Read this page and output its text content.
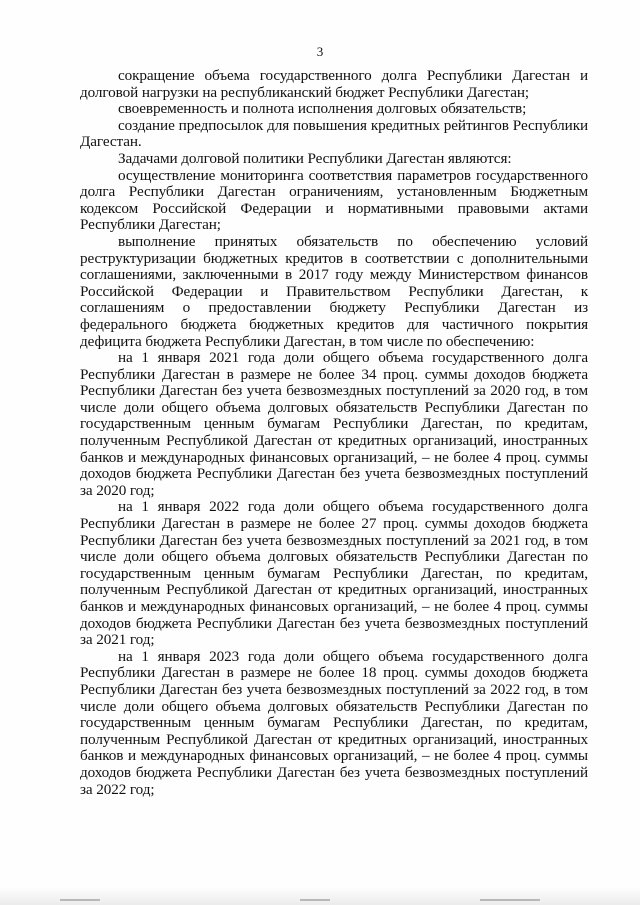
3

сокращение объема государственного долга Республики Дагестан и долговой нагрузки на республиканский бюджет Республики Дагестан;

своевременность и полнота исполнения долговых обязательств;

создание предпосылок для повышения кредитных рейтингов Республики Дагестан.

Задачами долговой политики Республики Дагестан являются:

осуществление мониторинга соответствия параметров государственного долга Республики Дагестан ограничениям, установленным Бюджетным кодексом Российской Федерации и нормативными правовыми актами Республики Дагестан;

выполнение принятых обязательств по обеспечению условий реструктуризации бюджетных кредитов в соответствии с дополнительными соглашениями, заключенными в 2017 году между Министерством финансов Российской Федерации и Правительством Республики Дагестан, к соглашениям о предоставлении бюджету Республики Дагестан из федерального бюджета бюджетных кредитов для частичного покрытия дефицита бюджета Республики Дагестан, в том числе по обеспечению:

на 1 января 2021 года доли общего объема государственного долга Республики Дагестан в размере не более 34 проц. суммы доходов бюджета Республики Дагестан без учета безвозмездных поступлений за 2020 год, в том числе доли общего объема долговых обязательств Республики Дагестан по государственным ценным бумагам Республики Дагестан, по кредитам, полученным Республикой Дагестан от кредитных организаций, иностранных банков и международных финансовых организаций, – не более 4 проц. суммы доходов бюджета Республики Дагестан без учета безвозмездных поступлений за 2020 год;

на 1 января 2022 года доли общего объема государственного долга Республики Дагестан в размере не более 27 проц. суммы доходов бюджета Республики Дагестан без учета безвозмездных поступлений за 2021 год, в том числе доли общего объема долговых обязательств Республики Дагестан по государственным ценным бумагам Республики Дагестан, по кредитам, полученным Республикой Дагестан от кредитных организаций, иностранных банков и международных финансовых организаций, – не более 4 проц. суммы доходов бюджета Республики Дагестан без учета безвозмездных поступлений за 2021 год;

на 1 января 2023 года доли общего объема государственного долга Республики Дагестан в размере не более 18 проц. суммы доходов бюджета Республики Дагестан без учета безвозмездных поступлений за 2022 год, в том числе доли общего объема долговых обязательств Республики Дагестан по государственным ценным бумагам Республики Дагестан, по кредитам, полученным Республикой Дагестан от кредитных организаций, иностранных банков и международных финансовых организаций, – не более 4 проц. суммы доходов бюджета Республики Дагестан без учета безвозмездных поступлений за 2022 год;
